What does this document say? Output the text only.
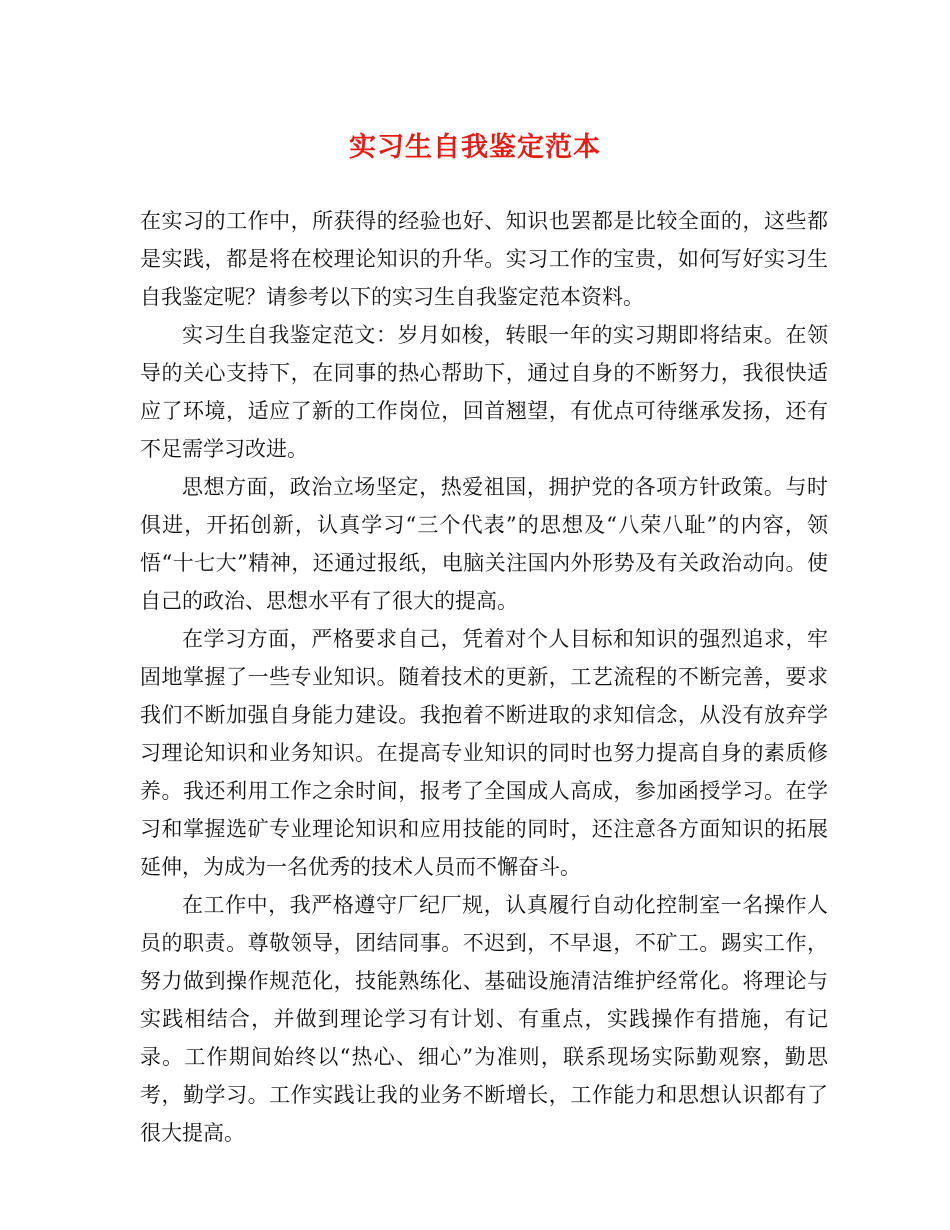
实习生自我鉴定范本

在实习的工作中，所获得的经验也好、知识也罢都是比较全面的，这些都是实践，都是将在校理论知识的升华。实习工作的宝贵，如何写好实习生自我鉴定呢？请参考以下的实习生自我鉴定范本资料。

实习生自我鉴定范文：岁月如梭，转眼一年的实习期即将结束。在领导的关心支持下，在同事的热心帮助下，通过自身的不断努力，我很快适应了环境，适应了新的工作岗位，回首翘望，有优点可待继承发扬，还有不足需学习改进。

思想方面，政治立场坚定，热爱祖国，拥护党的各项方针政策。与时俱进，开拓创新，认真学习“三个代表”的思想及“八荣八耻”的内容，领悟“十七大”精神，还通过报纸，电脑关注国内外形势及有关政治动向。使自己的政治、思想水平有了很大的提高。

在学习方面，严格要求自己，凭着对个人目标和知识的强烈追求，牢固地掌握了一些专业知识。随着技术的更新，工艺流程的不断完善，要求我们不断加强自身能力建设。我抱着不断进取的求知信念，从没有放弃学习理论知识和业务知识。在提高专业知识的同时也努力提高自身的素质修养。我还利用工作之余时间，报考了全国成人高成，参加函授学习。在学习和掌握选矿专业理论知识和应用技能的同时，还注意各方面知识的拓展延伸，为成为一名优秀的技术人员而不懈奋斗。

在工作中，我严格遵守厂纪厂规，认真履行自动化控制室一名操作人员的职责。尊敬领导，团结同事。不迟到，不早退，不矿工。踢实工作，努力做到操作规范化，技能熟练化、基础设施清洁维护经常化。将理论与实践相结合，并做到理论学习有计划、有重点，实践操作有措施，有记录。工作期间始终以“热心、细心”为准则，联系现场实际勤观察，勤思考，勤学习。工作实践让我的业务不断增长，工作能力和思想认识都有了很大提高。
